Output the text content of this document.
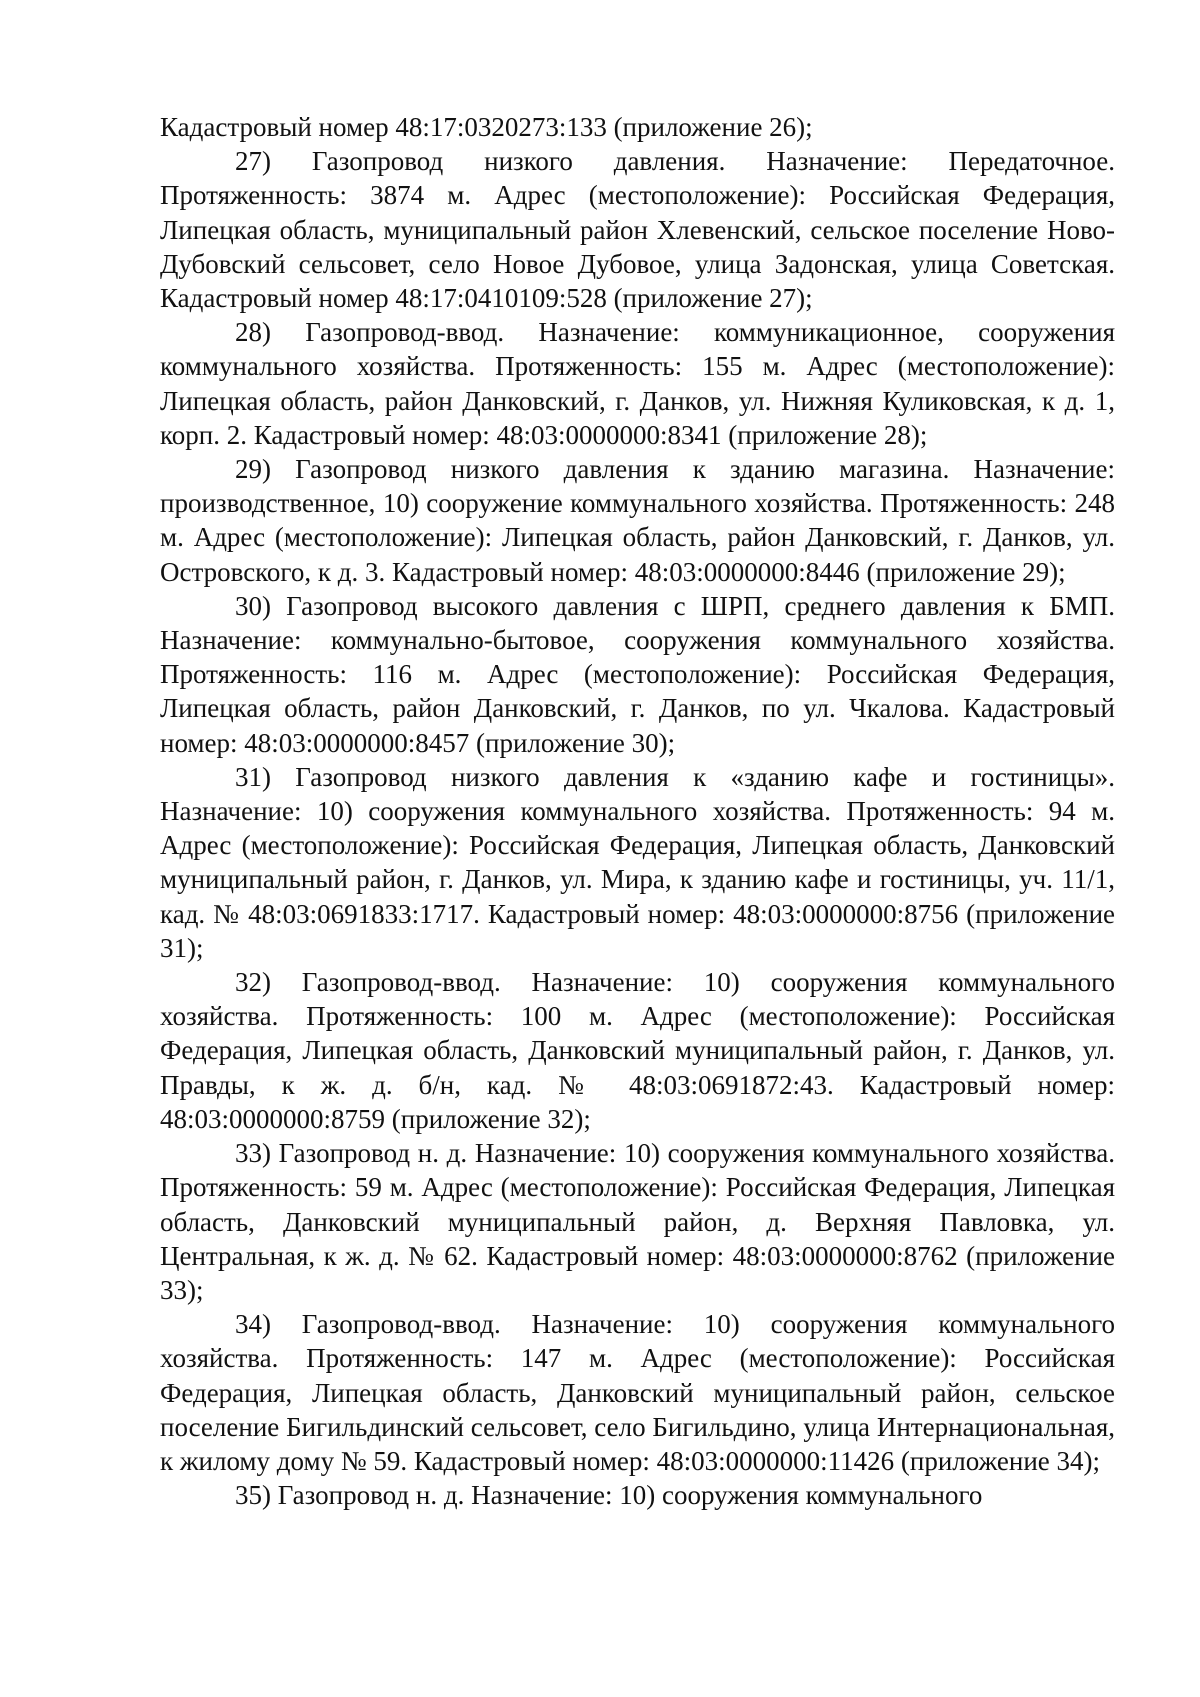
Кадастровый номер 48:17:0320273:133 (приложение 26);

27) Газопровод низкого давления. Назначение: Передаточное. Протяженность: 3874 м. Адрес (местоположение): Российская Федерация, Липецкая область, муниципальный район Хлевенский, сельское поселение Ново-Дубовский сельсовет, село Новое Дубовое, улица Задонская, улица Советская. Кадастровый номер 48:17:0410109:528 (приложение 27);

28) Газопровод-ввод. Назначение: коммуникационное, сооружения коммунального хозяйства. Протяженность: 155 м. Адрес (местоположение): Липецкая область, район Данковский, г. Данков, ул. Нижняя Куликовская, к д. 1, корп. 2. Кадастровый номер: 48:03:0000000:8341 (приложение 28);

29) Газопровод низкого давления к зданию магазина. Назначение: производственное, 10) сооружение коммунального хозяйства. Протяженность: 248 м. Адрес (местоположение): Липецкая область, район Данковский, г. Данков, ул. Островского, к д. 3. Кадастровый номер: 48:03:0000000:8446 (приложение 29);

30) Газопровод высокого давления с ШРП, среднего давления к БМП. Назначение: коммунально-бытовое, сооружения коммунального хозяйства. Протяженность: 116 м. Адрес (местоположение): Российская Федерация, Липецкая область, район Данковский, г. Данков, по ул. Чкалова. Кадастровый номер: 48:03:0000000:8457 (приложение 30);

31) Газопровод низкого давления к «зданию кафе и гостиницы». Назначение: 10) сооружения коммунального хозяйства. Протяженность: 94 м. Адрес (местоположение): Российская Федерация, Липецкая область, Данковский муниципальный район, г. Данков, ул. Мира, к зданию кафе и гостиницы, уч. 11/1, кад. № 48:03:0691833:1717. Кадастровый номер: 48:03:0000000:8756 (приложение 31);

32) Газопровод-ввод. Назначение: 10) сооружения коммунального хозяйства. Протяженность: 100 м. Адрес (местоположение): Российская Федерация, Липецкая область, Данковский муниципальный район, г. Данков, ул. Правды, к ж. д. б/н, кад. № 48:03:0691872:43. Кадастровый номер: 48:03:0000000:8759 (приложение 32);

33) Газопровод н. д. Назначение: 10) сооружения коммунального хозяйства. Протяженность: 59 м. Адрес (местоположение): Российская Федерация, Липецкая область, Данковский муниципальный район, д. Верхняя Павловка, ул. Центральная, к ж. д. № 62. Кадастровый номер: 48:03:0000000:8762 (приложение 33);

34) Газопровод-ввод. Назначение: 10) сооружения коммунального хозяйства. Протяженность: 147 м. Адрес (местоположение): Российская Федерация, Липецкая область, Данковский муниципальный район, сельское поселение Бигильдинский сельсовет, село Бигильдино, улица Интернациональная, к жилому дому № 59. Кадастровый номер: 48:03:0000000:11426 (приложение 34);

35) Газопровод н. д. Назначение: 10) сооружения коммунального
